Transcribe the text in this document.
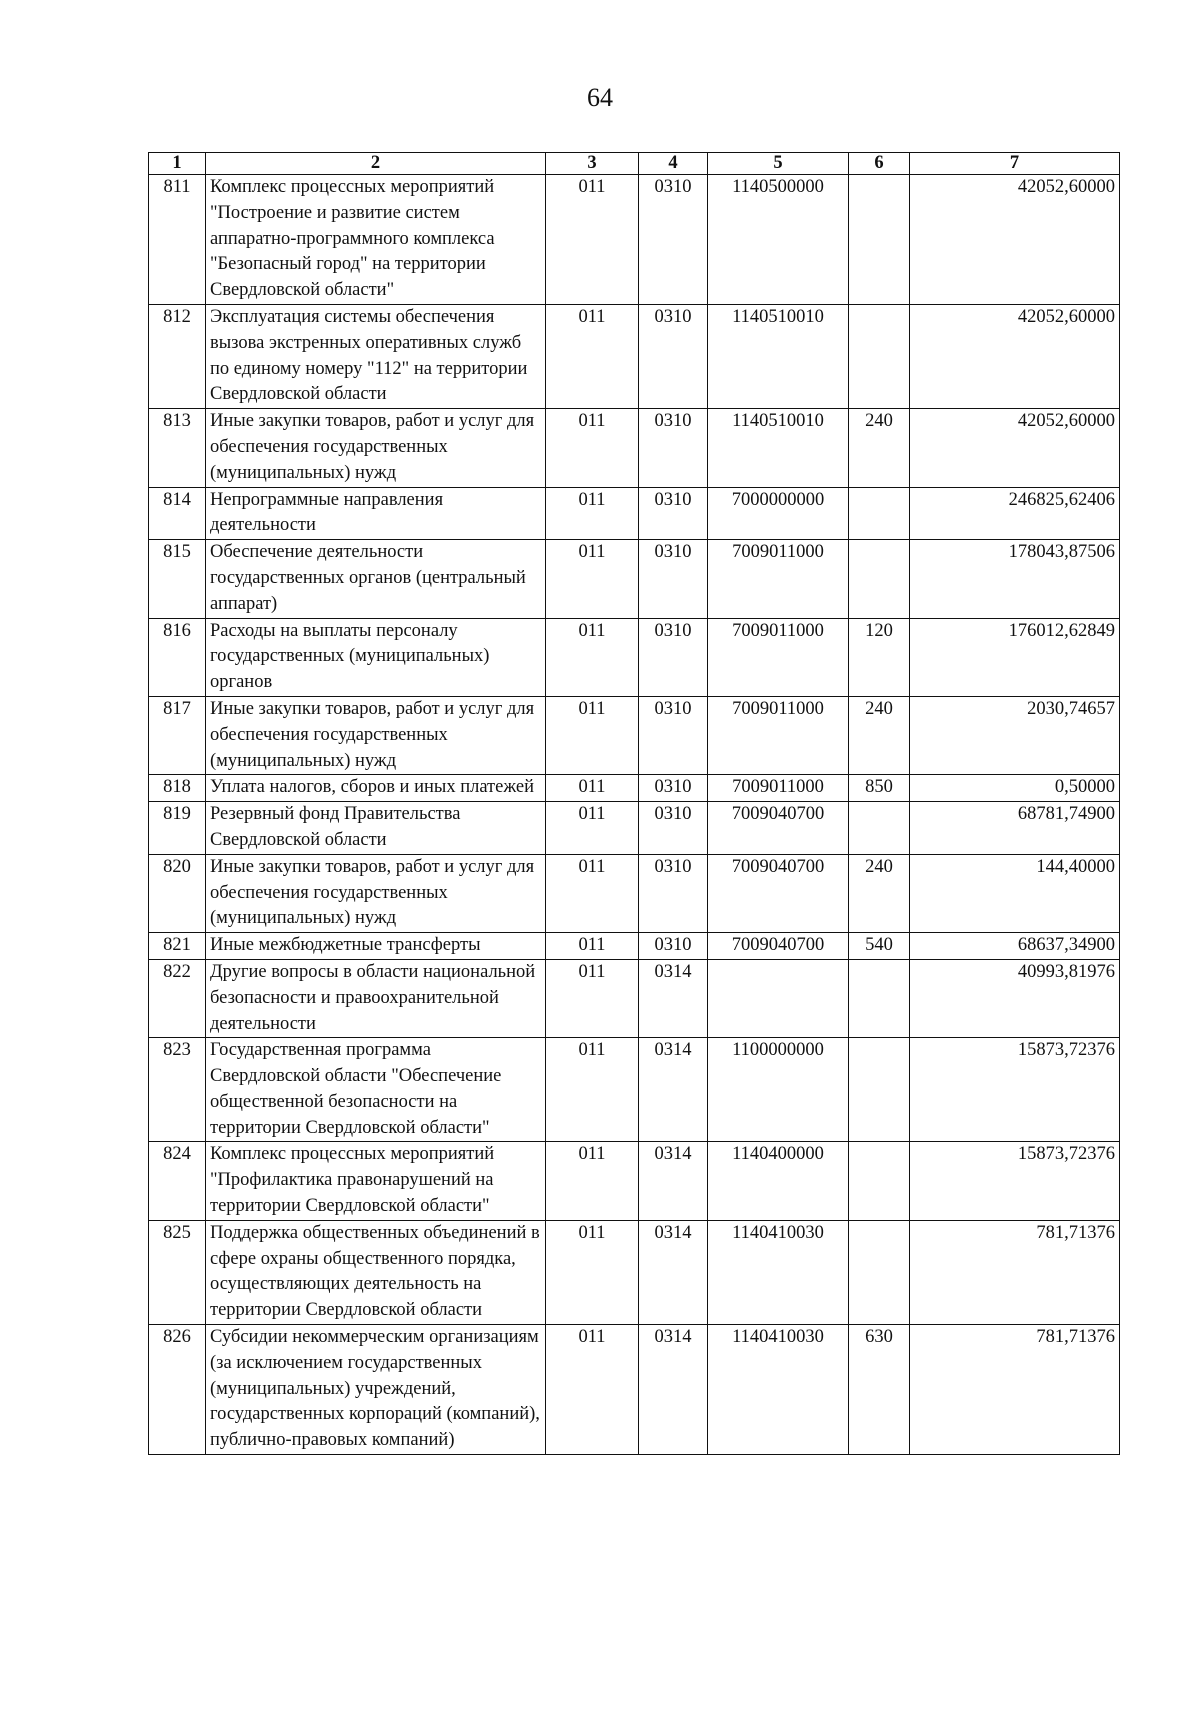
64
1	2	3	4	5	6	7
811	Комплекс процессных мероприятий "Построение и развитие систем аппаратно-программного комплекса "Безопасный город" на территории Свердловской области"	011	0310	1140500000		42052,60000
812	Эксплуатация системы обеспечения вызова экстренных оперативных служб по единому номеру "112" на территории Свердловской области	011	0310	1140510010		42052,60000
813	Иные закупки товаров, работ и услуг для обеспечения государственных (муниципальных) нужд	011	0310	1140510010	240	42052,60000
814	Непрограммные направления деятельности	011	0310	7000000000		246825,62406
815	Обеспечение деятельности государственных органов (центральный аппарат)	011	0310	7009011000		178043,87506
816	Расходы на выплаты персоналу государственных (муниципальных) органов	011	0310	7009011000	120	176012,62849
817	Иные закупки товаров, работ и услуг для обеспечения государственных (муниципальных) нужд	011	0310	7009011000	240	2030,74657
818	Уплата налогов, сборов и иных платежей	011	0310	7009011000	850	0,50000
819	Резервный фонд Правительства Свердловской области	011	0310	7009040700		68781,74900
820	Иные закупки товаров, работ и услуг для обеспечения государственных (муниципальных) нужд	011	0310	7009040700	240	144,40000
821	Иные межбюджетные трансферты	011	0310	7009040700	540	68637,34900
822	Другие вопросы в области национальной безопасности и правоохранительной деятельности	011	0314			40993,81976
823	Государственная программа Свердловской области "Обеспечение общественной безопасности на территории Свердловской области"	011	0314	1100000000		15873,72376
824	Комплекс процессных мероприятий "Профилактика правонарушений на территории Свердловской области"	011	0314	1140400000		15873,72376
825	Поддержка общественных объединений в сфере охраны общественного порядка, осуществляющих деятельность на территории Свердловской области	011	0314	1140410030		781,71376
826	Субсидии некоммерческим организациям (за исключением государственных (муниципальных) учреждений, государственных корпораций (компаний), публично-правовых компаний)	011	0314	1140410030	630	781,71376
